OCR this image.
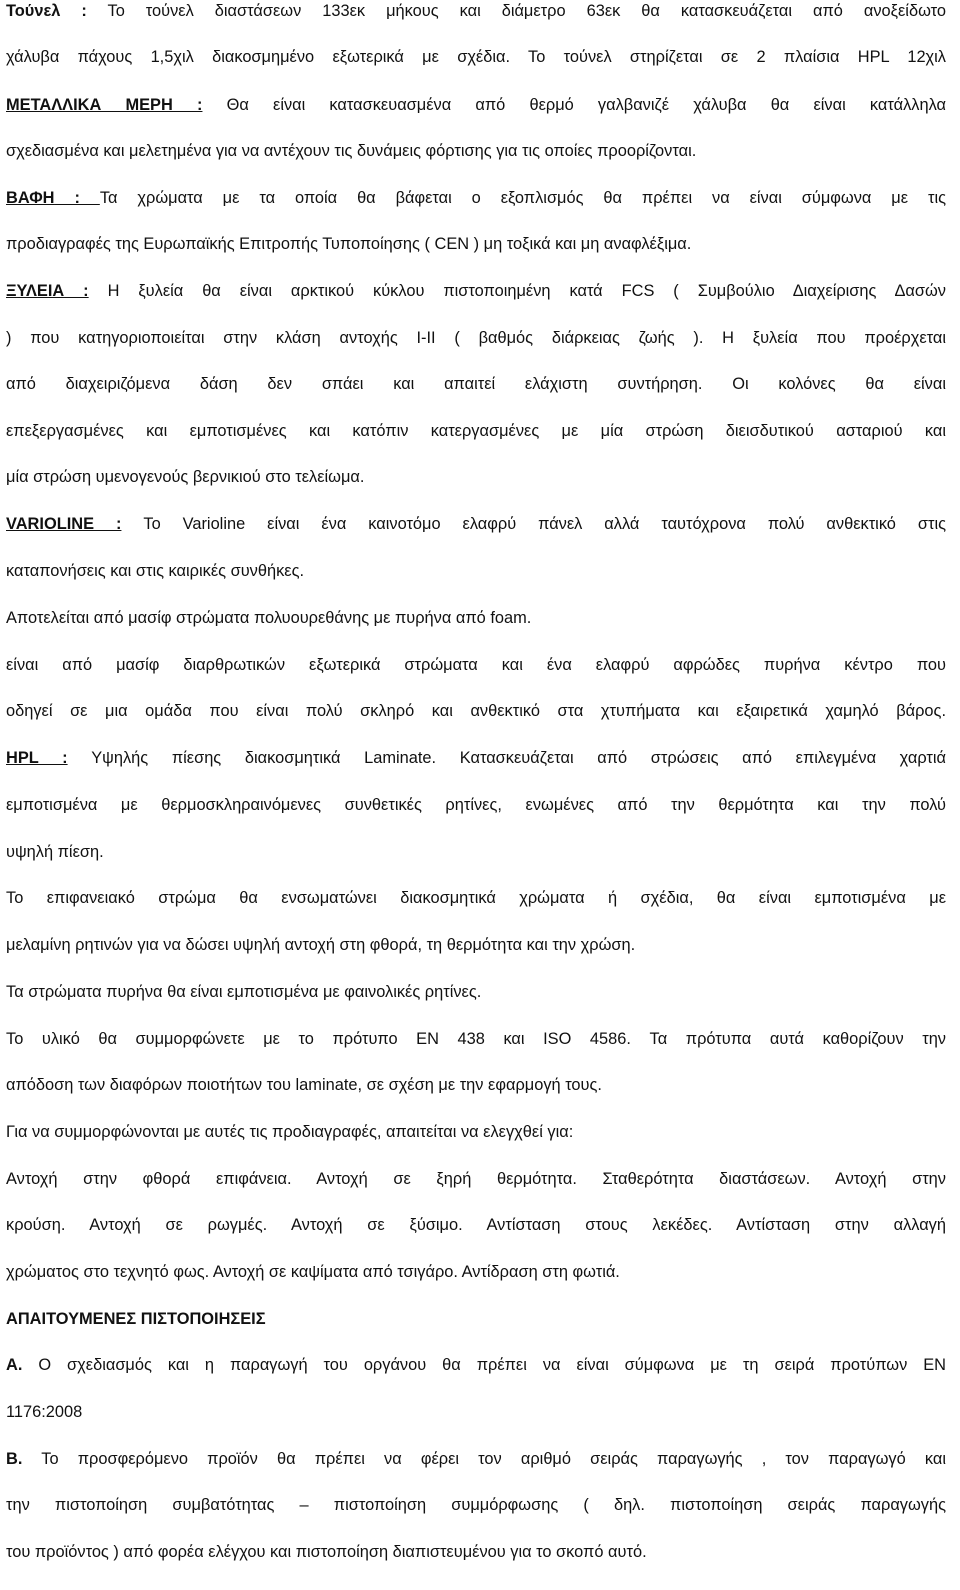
Τούνελ : Το τούνελ διαστάσεων 133εκ μήκους και διάμετρο 63εκ θα κατασκευάζεται από ανοξείδωτο
χάλυβα πάχους 1,5χιλ διακοσμημένο εξωτερικά με σχέδια. Το τούνελ στηρίζεται σε 2 πλαίσια HPL 12χιλ
ΜΕΤΑΛΛΙΚΑ ΜΕΡΗ : Θα είναι κατασκευασμένα από θερμό γαλβανιζέ χάλυβα θα είναι κατάλληλα
σχεδιασμένα και μελετημένα για να αντέχουν τις δυνάμεις φόρτισης για τις οποίες προορίζονται.
ΒΑΦΗ : Τα χρώματα με τα οποία θα βάφεται ο εξοπλισμός θα πρέπει να είναι σύμφωνα με τις
προδιαγραφές της Ευρωπαϊκής Επιτροπής Τυποποίησης ( CEN ) μη τοξικά και μη αναφλέξιμα.
ΞΥΛΕΙΑ : Η ξυλεία θα είναι αρκτικού κύκλου πιστοποιημένη κατά FCS ( Συμβούλιο Διαχείρισης Δασών
) που κατηγοριοποιείται στην κλάση αντοχής I-II ( βαθμός διάρκειας ζωής ). Η ξυλεία που προέρχεται
από διαχειριζόμενα δάση δεν σπάει και απαιτεί ελάχιστη συντήρηση. Οι κολόνες θα είναι
επεξεργασμένες και εμποτισμένες και κατόπιν κατεργασμένες με μία στρώση διεισδυτικού ασταριού και
μία στρώση υμενογενούς βερνικιού στο τελείωμα.
VARIOLINE : Το Varioline είναι ένα καινοτόμο ελαφρύ πάνελ αλλά ταυτόχρονα πολύ ανθεκτικό στις
καταπονήσεις και στις καιρικές συνθήκες.
Αποτελείται από μασίφ στρώματα πολυουρεθάνης με πυρήνα από foam.
είναι από μασίφ διαρθρωτικών εξωτερικά στρώματα και ένα ελαφρύ αφρώδες πυρήνα κέντρο που
οδηγεί σε μια ομάδα που είναι πολύ σκληρό και ανθεκτικό στα χτυπήματα και εξαιρετικά χαμηλό βάρος.
HPL : Υψηλής πίεσης διακοσμητικά Laminate. Κατασκευάζεται από στρώσεις από επιλεγμένα χαρτιά
εμποτισμένα με θερμοσκληραινόμενες συνθετικές ρητίνες, ενωμένες από την θερμότητα και την πολύ
υψηλή πίεση.
Το επιφανειακό στρώμα θα ενσωματώνει διακοσμητικά χρώματα ή σχέδια, θα είναι εμποτισμένα με
μελαμίνη ρητινών για να δώσει υψηλή αντοχή στη φθορά, τη θερμότητα και την χρώση.
Τα στρώματα πυρήνα θα είναι εμποτισμένα με φαινολικές ρητίνες.
Το υλικό θα συμμορφώνετε με το πρότυπο EN 438 και ISO 4586. Τα πρότυπα αυτά καθορίζουν την
απόδοση των διαφόρων ποιοτήτων του laminate, σε σχέση με την εφαρμογή τους.
Για να συμμορφώνονται με αυτές τις προδιαγραφές, απαιτείται να ελεγχθεί για:
Αντοχή στην φθορά επιφάνεια. Αντοχή σε ξηρή θερμότητα. Σταθερότητα διαστάσεων. Αντοχή στην
κρούση. Αντοχή σε ρωγμές. Αντοχή σε ξύσιμο. Αντίσταση στους λεκέδες. Αντίσταση στην αλλαγή
χρώματος στο τεχνητό φως. Αντοχή σε καψίματα από τσιγάρο. Αντίδραση στη φωτιά.
ΑΠΑΙΤΟΥΜΕΝΕΣ ΠΙΣΤΟΠΟΙΗΣΕΙΣ
Α. Ο σχεδιασμός και η παραγωγή του οργάνου θα πρέπει να είναι σύμφωνα με τη σειρά προτύπων EN
1176:2008
Β. Το προσφερόμενο προϊόν θα πρέπει να φέρει τον αριθμό σειράς παραγωγής , τον παραγωγό και
την πιστοποίηση συμβατότητας – πιστοποίηση συμμόρφωσης ( δηλ. πιστοποίηση σειράς παραγωγής
του προϊόντος ) από φορέα ελέγχου και πιστοποίηση διαπιστευμένου για το σκοπό αυτό.
